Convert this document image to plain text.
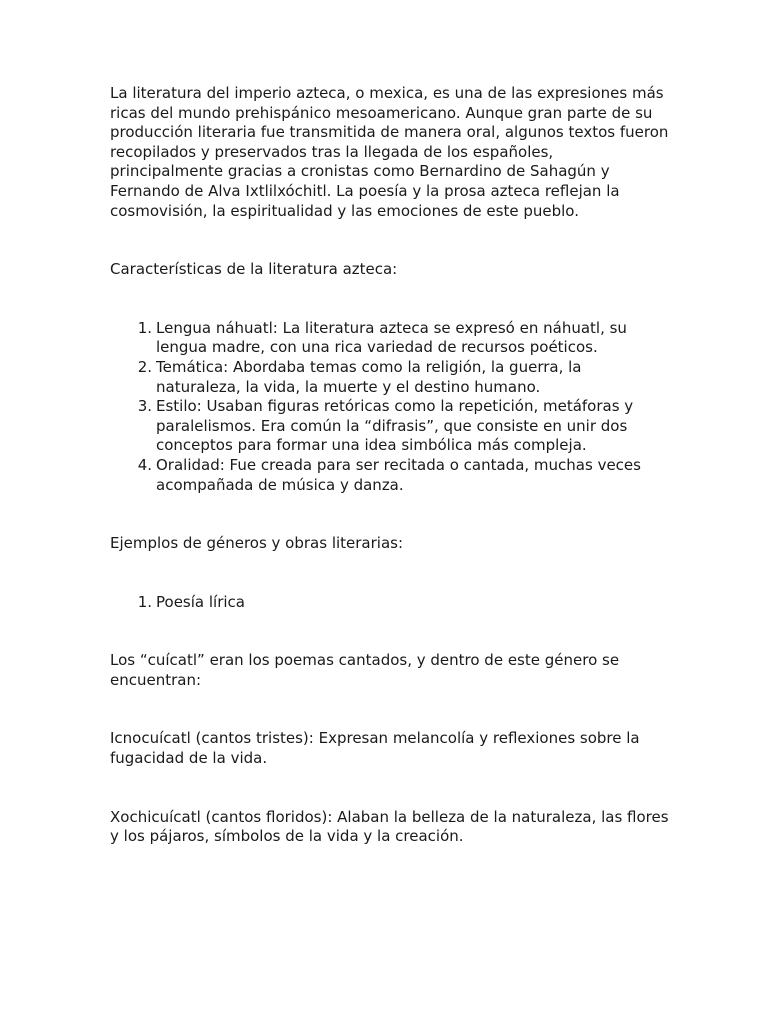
La literatura del imperio azteca, o mexica, es una de las expresiones más ricas del mundo prehispánico mesoamericano. Aunque gran parte de su producción literaria fue transmitida de manera oral, algunos textos fueron recopilados y preservados tras la llegada de los españoles, principalmente gracias a cronistas como Bernardino de Sahagún y Fernando de Alva Ixtlilxóchitl. La poesía y la prosa azteca reflejan la cosmovisión, la espiritualidad y las emociones de este pueblo.

Características de la literatura azteca:

1. Lengua náhuatl: La literatura azteca se expresó en náhuatl, su lengua madre, con una rica variedad de recursos poéticos.
2. Temática: Abordaba temas como la religión, la guerra, la naturaleza, la vida, la muerte y el destino humano.
3. Estilo: Usaban figuras retóricas como la repetición, metáforas y paralelismos. Era común la “difrasis”, que consiste en unir dos conceptos para formar una idea simbólica más compleja.
4. Oralidad: Fue creada para ser recitada o cantada, muchas veces acompañada de música y danza.

Ejemplos de géneros y obras literarias:

1. Poesía lírica

Los “cuícatl” eran los poemas cantados, y dentro de este género se encuentran:

Icnocuícatl (cantos tristes): Expresan melancolía y reflexiones sobre la fugacidad de la vida.

Xochicuícatl (cantos floridos): Alaban la belleza de la naturaleza, las flores y los pájaros, símbolos de la vida y la creación.
